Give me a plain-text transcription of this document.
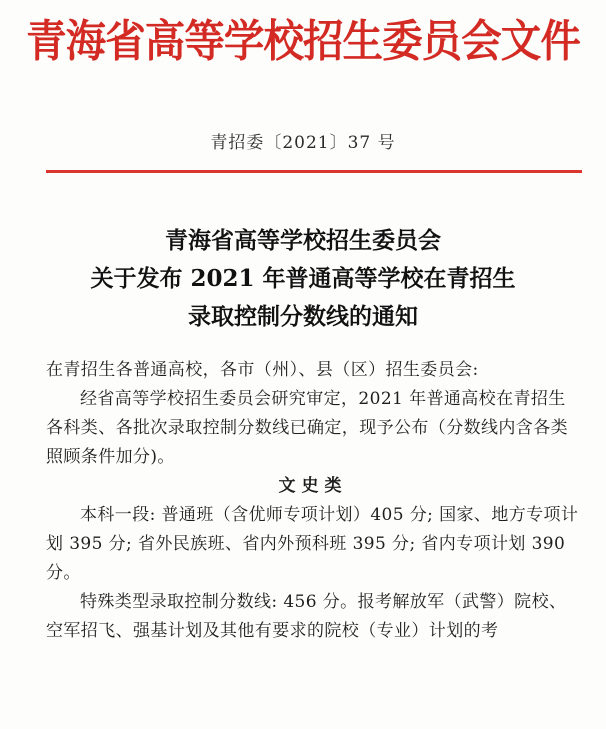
青海省高等学校招生委员会文件
青招委〔2021〕37 号
青海省高等学校招生委员会
关于发布 2021 年普通高等学校在青招生
录取控制分数线的通知

在青招生各普通高校，各市（州）、县（区）招生委员会:

经省高等学校招生委员会研究审定，2021 年普通高校在青招生各科类、各批次录取控制分数线已确定，现予公布（分数线内含各类照顾条件加分)。

文史类

本科一段: 普通班（含优师专项计划）405 分; 国家、地方专项计划 395 分; 省外民族班、省内外预科班 395 分; 省内专项计划 390 分。

特殊类型录取控制分数线: 456 分。报考解放军（武警）院校、空军招飞、强基计划及其他有要求的院校（专业）计划的考
